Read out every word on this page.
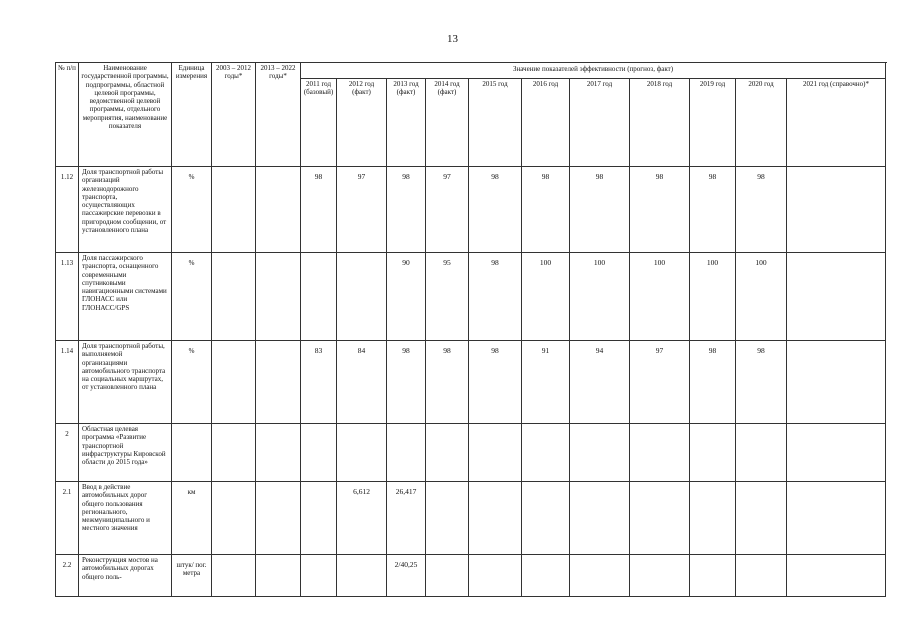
13
№ п/п	Наименование государственной программы, подпрограммы, областной целевой программы, ведомственной целевой программы, отдельного мероприятия, наименование показателя	Единица измерения	2003 – 2012 годы*	2013 – 2022 годы*	Значение показателей эффективности (прогноз, факт)											
					2011 год (базовый)	2012 год (факт)	2013 год (факт)	2014 год (факт)	2015 год	2016 год	2017 год	2018 год	2019 год	2020 год	2021 год (справочно)*	
1.12	Доля транспортной работы организаций железнодорожного транспорта, осуществляющих пассажирские перевозки в пригородном сообщении, от установленного плана	%			98	97	98	97	98	98	98	98	98	98		
1.13	Доля пассажирского транспорта, оснащенного современными спутниковыми навигационными системами ГЛОНАСС или ГЛОНАСС/GPS	%					90	95	98	100	100	100	100	100		
1.14	Доля транспортной работы, выполняемой организациями автомобильного транспорта на социальных маршрутах, от установленного плана	%			83	84	98	98	98	91	94	97	98	98		
2	Областная целевая программа «Развитие транспортной инфраструктуры Кировской области до 2015 года»															
2.1	Ввод в действие автомобильных дорог общего пользования регионального, межмуниципального и местного значения	км				6,612	26,417									
2.2	Реконструкция мостов на автомобильных дорогах общего поль-	штук/ пог. метра					2/40,25									
